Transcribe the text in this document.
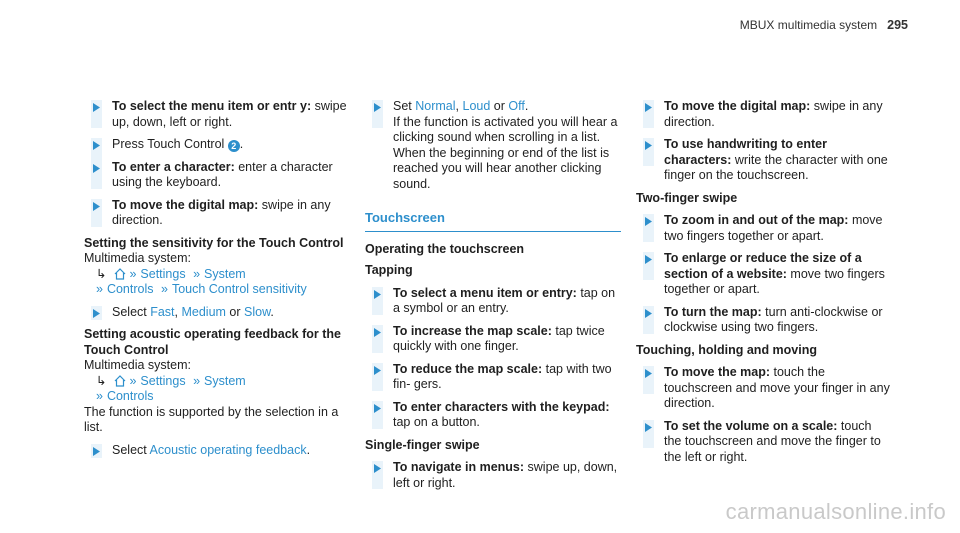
MBUX multimedia system 295
To select the menu item or entr y: swipe up, down, left or right.
Press Touch Control 2 .
To enter a character: enter a character using the keyboard.
To move the digital map: swipe in any direction.
Setting the sensitivity for the Touch Control
Multimedia system:
↳ » Settings » System
» Controls » Touch Control sensitivity
Select Fast, Medium or Slow.
Setting acoustic operating feedback for the Touch Control
Multimedia system:
↳ » Settings » System
» Controls
The function is supported by the selection in a list.
Select Acoustic operating feedback.
Set Normal, Loud or Off.
If the function is activated you will hear a clicking sound when scrolling in a list. When the beginning or end of the list is reached you will hear another clicking sound.
Touchscreen
Operating the touchscreen
Tapping
To select a menu item or entry: tap on a symbol or an entry.
To increase the map scale: tap twice quickly with one finger.
To reduce the map scale: tap with two fin- gers.
To enter characters with the keypad: tap on a button.
Single-finger swipe
To navigate in menus: swipe up, down, left or right.
To move the digital map: swipe in any direction.
To use handwriting to enter characters: write the character with one finger on the touchscreen.
Two-finger swipe
To zoom in and out of the map: move two fingers together or apart.
To enlarge or reduce the size of a section of a website: move two fingers together or apart.
To turn the map: turn anti-clockwise or clockwise using two fingers.
Touching, holding and moving
To move the map: touch the touchscreen and move your finger in any direction.
To set the volume on a scale: touch the touchscreen and move the finger to the left or right.
carmanualsonline.info
